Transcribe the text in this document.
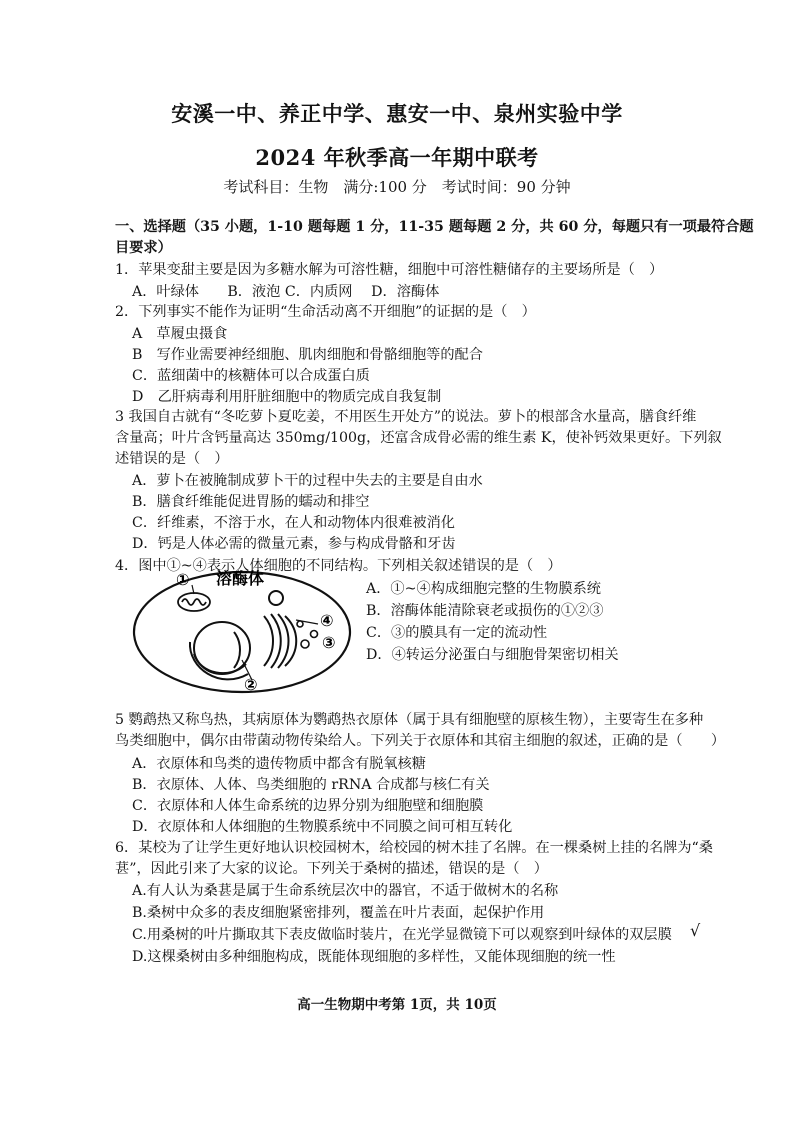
安溪一中、养正中学、惠安一中、泉州实验中学
2024 年秋季高一年期中联考
考试科目：生物　满分:100 分　考试时间：90 分钟
一、选择题（35 小题，1-10 题每题 1 分，11-35 题每题 2 分，共 60 分，每题只有一项最符合题
目要求）
1．苹果变甜主要是因为多糖水解为可溶性糖，细胞中可溶性糖储存的主要场所是（　）
A．叶绿体　　B．液泡 C．内质网　 D．溶酶体
2．下列事实不能作为证明“生命活动离不开细胞”的证据的是（　）
A　草履虫摄食
B　写作业需要神经细胞、肌肉细胞和骨骼细胞等的配合
C．蓝细菌中的核糖体可以合成蛋白质
D　乙肝病毒利用肝脏细胞中的物质完成自我复制
3 我国自古就有“冬吃萝卜夏吃姜，不用医生开处方”的说法。萝卜的根部含水量高，膳食纤维
含量高；叶片含钙量高达 350mg/100g，还富含成骨必需的维生素 K，使补钙效果更好。下列叙
述错误的是（　）
A．萝卜在被腌制成萝卜干的过程中失去的主要是自由水
B．膳食纤维能促进胃肠的蠕动和排空
C．纤维素，不溶于水，在人和动物体内很难被消化
D．钙是人体必需的微量元素，参与构成骨骼和牙齿
4．图中①~④表示人体细胞的不同结构。下列相关叙述错误的是（　）
① 溶酶体
④
③
②
A．①~④构成细胞完整的生物膜系统
B．溶酶体能清除衰老或损伤的①②③
C．③的膜具有一定的流动性
D．④转运分泌蛋白与细胞骨架密切相关
5 鹦鹉热又称鸟热，其病原体为鹦鹉热衣原体（属于具有细胞壁的原核生物），主要寄生在多种
鸟类细胞中，偶尔由带菌动物传染给人。下列关于衣原体和其宿主细胞的叙述，正确的是（　　）
A．衣原体和鸟类的遗传物质中都含有脱氧核糖
B．衣原体、人体、鸟类细胞的 rRNA 合成都与核仁有关
C．衣原体和人体生命系统的边界分别为细胞壁和细胞膜
D．衣原体和人体细胞的生物膜系统中不同膜之间可相互转化
6．某校为了让学生更好地认识校园树木，给校园的树木挂了名牌。在一棵桑树上挂的名牌为“桑
葚”，因此引来了大家的议论。下列关于桑树的描述，错误的是（　）
A.有人认为桑葚是属于生命系统层次中的器官，不适于做树木的名称
B.桑树中众多的表皮细胞紧密排列，覆盖在叶片表面，起保护作用
C.用桑树的叶片撕取其下表皮做临时装片，在光学显微镜下可以观察到叶绿体的双层膜 √
D.这棵桑树由多种细胞构成，既能体现细胞的多样性，又能体现细胞的统一性
高一生物期中考第 1页，共 10页
